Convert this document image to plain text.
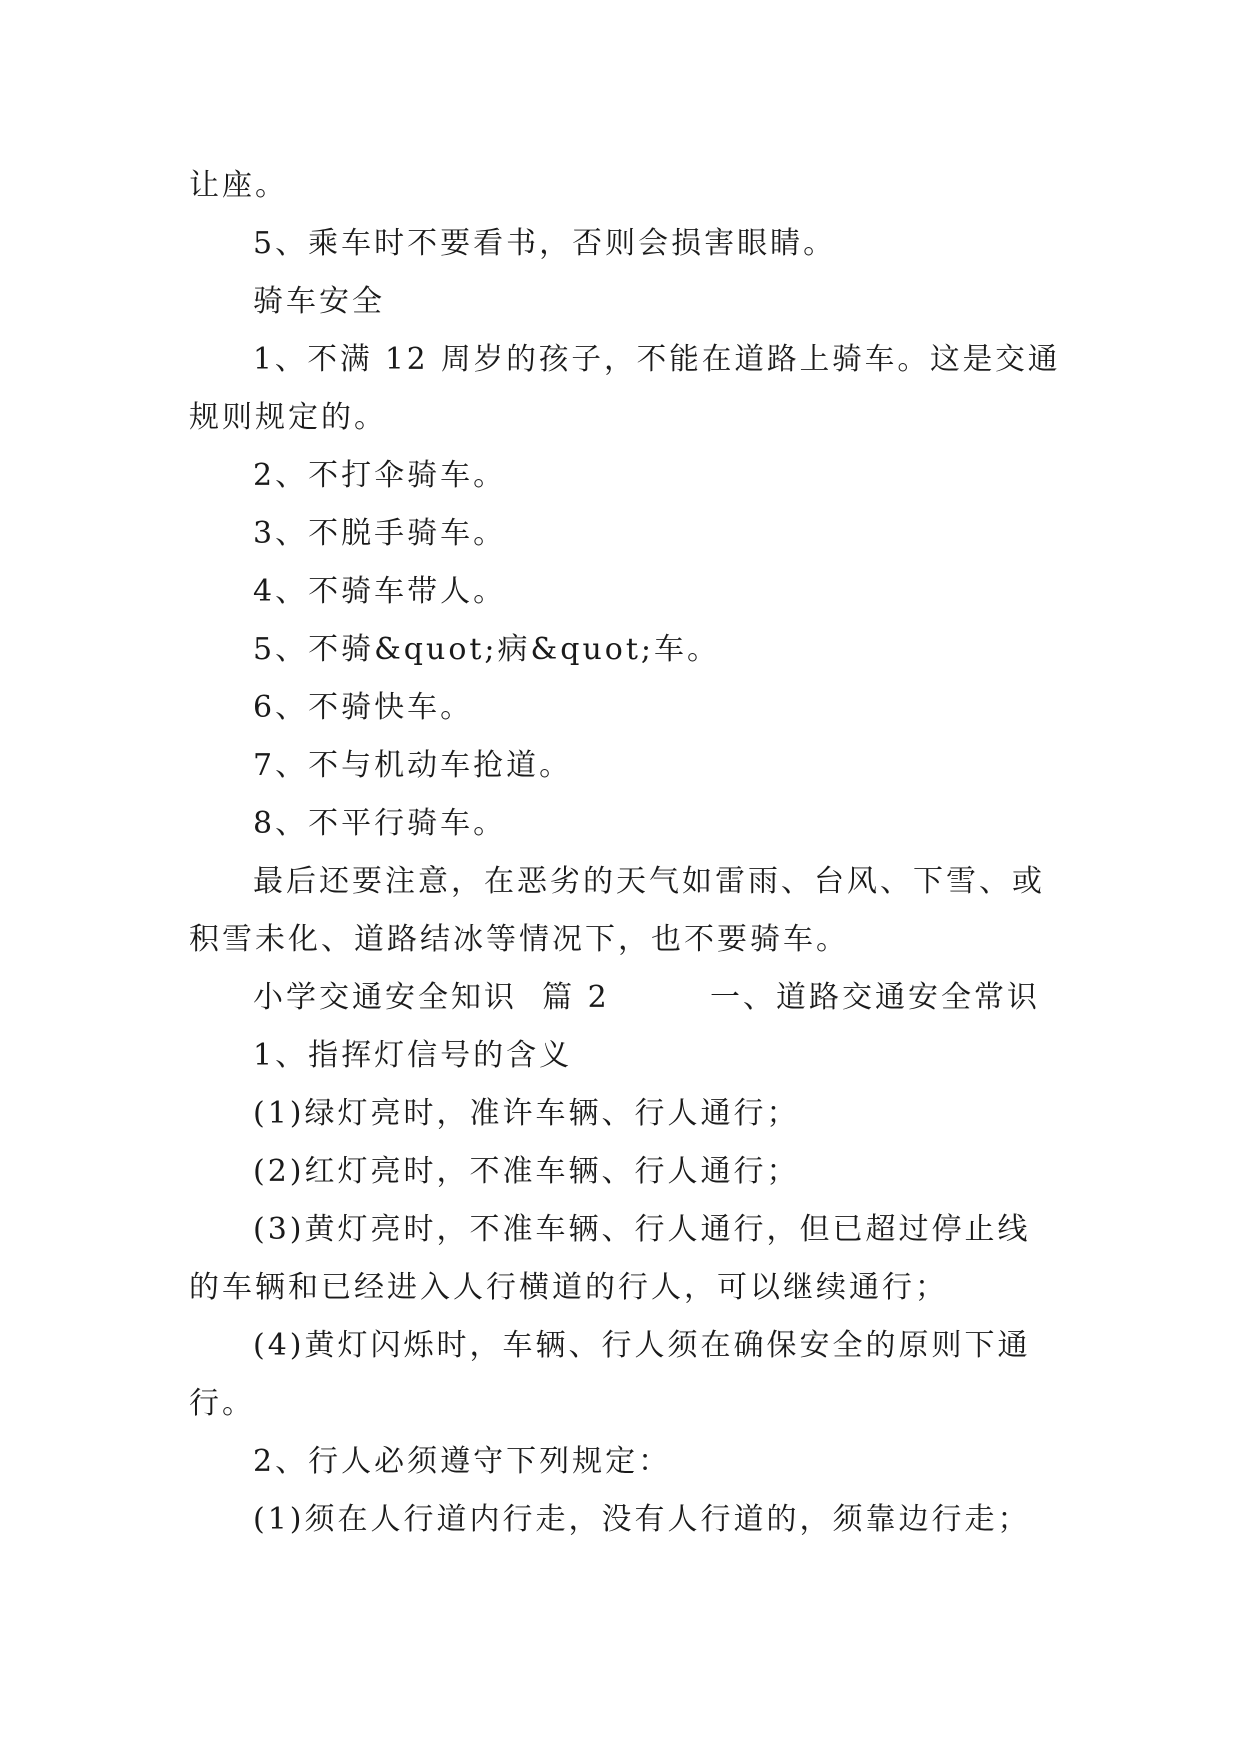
让座。
5、乘车时不要看书，否则会损害眼睛。
骑车安全
1、不满 12 周岁的孩子，不能在道路上骑车。这是交通
规则规定的。
2、不打伞骑车。
3、不脱手骑车。
4、不骑车带人。
5、不骑&quot;病&quot;车。
6、不骑快车。
7、不与机动车抢道。
8、不平行骑车。
最后还要注意，在恶劣的天气如雷雨、台风、下雪、或
积雪未化、道路结冰等情况下，也不要骑车。
小学交通安全知识  篇 2        一、道路交通安全常识
1、指挥灯信号的含义
(1)绿灯亮时，准许车辆、行人通行；
(2)红灯亮时，不准车辆、行人通行；
(3)黄灯亮时，不准车辆、行人通行，但已超过停止线
的车辆和已经进入人行横道的行人，可以继续通行；
(4)黄灯闪烁时，车辆、行人须在确保安全的原则下通
行。
2、行人必须遵守下列规定：
(1)须在人行道内行走，没有人行道的，须靠边行走；
